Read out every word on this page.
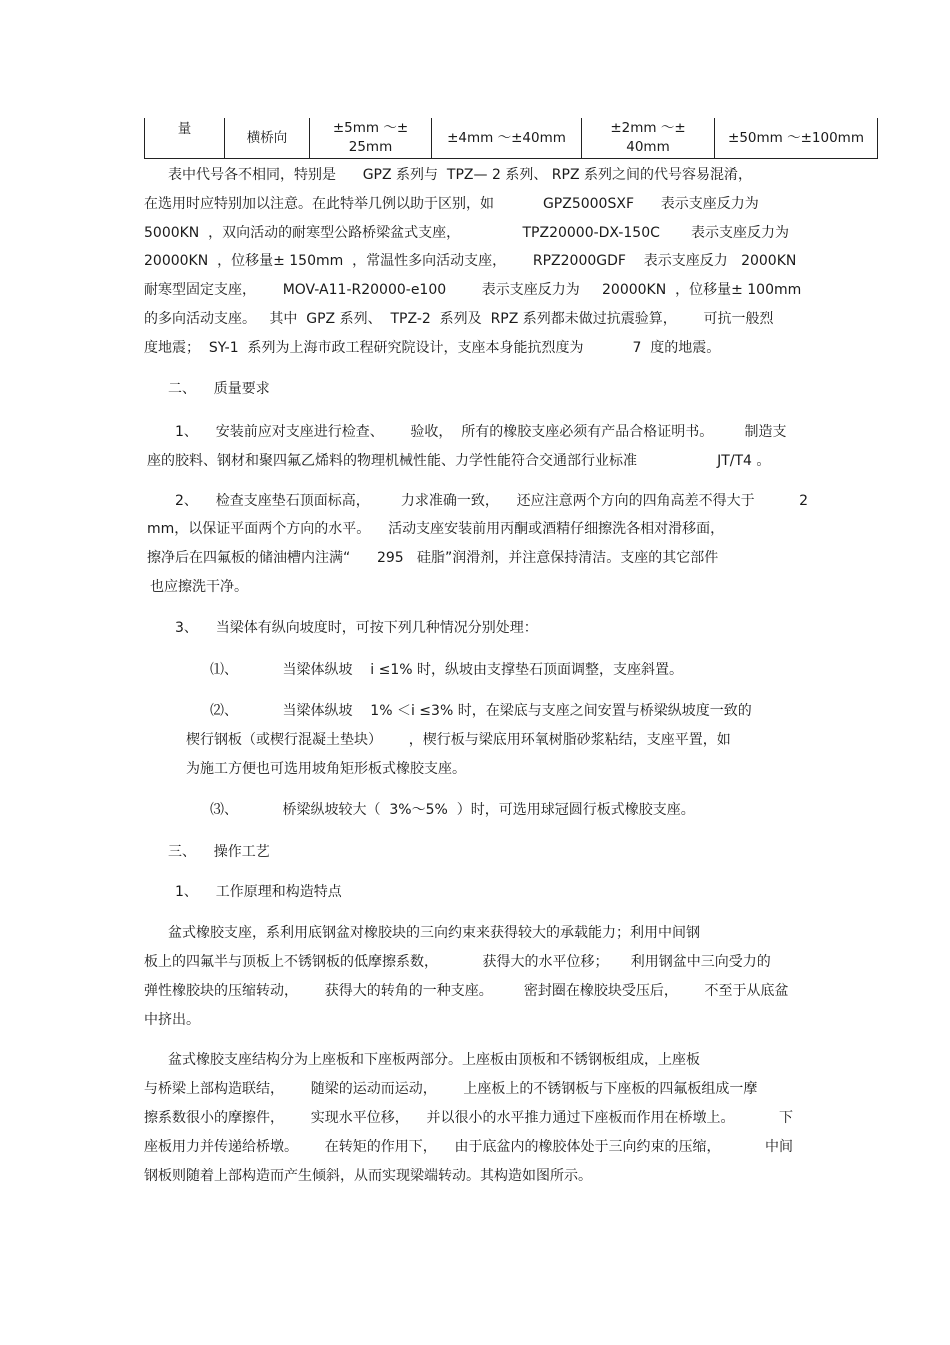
量
横桥向
±5mm ～±
25mm
±4mm ～±40mm
±2mm ～±
40mm
±50mm ～±100mm
表中代号各不相同，特别是      GPZ 系列与  TPZ— 2 系列、 RPZ 系列之间的代号容易混淆，
在选用时应特别加以注意。在此特举几例以助于区别，如           GPZ5000SXF      表示支座反力为
5000KN  ，双向活动的耐寒型公路桥梁盆式支座，              TPZ20000-DX-150C       表示支座反力为
20000KN  ，位移量± 150mm  ，常温性多向活动支座，      RPZ2000GDF    表示支座反力   2000KN
耐寒型固定支座，      MOV-A11-R20000-e100        表示支座反力为     20000KN  ，位移量± 100mm
的多向活动支座。   其中  GPZ 系列、  TPZ-2  系列及  RPZ 系列都未做过抗震验算，      可抗一般烈
度地震；  SY-1  系列为上海市政工程研究院设计，支座本身能抗烈度为           7  度的地震。
二、    质量要求
1、    安装前应对支座进行检查、      验收，  所有的橡胶支座必须有产品合格证明书。       制造支
座的胶料、钢材和聚四氟乙烯料的物理机械性能、力学性能符合交通部行业标准                  JT/T4 。
2、    检查支座垫石顶面标高，       力求准确一致，    还应注意两个方向的四角高差不得大于          2
mm，以保证平面两个方向的水平。    活动支座安装前用丙酮或酒精仔细擦洗各相对滑移面，
擦净后在四氟板的储油槽内注满“      295   硅脂”润滑剂，并注意保持清洁。支座的其它部件
也应擦洗干净。
3、    当梁体有纵向坡度时，可按下列几种情况分别处理：
⑴、          当梁体纵坡    i ≤1% 时，纵坡由支撑垫石顶面调整，支座斜置。
⑵、          当梁体纵坡    1% ＜i ≤3% 时，在梁底与支座之间安置与桥梁纵坡度一致的
楔行钢板（或楔行混凝土垫块）      ，楔行板与梁底用环氧树脂砂浆粘结，支座平置，如
为施工方便也可选用坡角矩形板式橡胶支座。
⑶、          桥梁纵坡较大（  3%～5%  ）时，可选用球冠圆行板式橡胶支座。
三、    操作工艺
1、    工作原理和构造特点
盆式橡胶支座，系利用底钢盆对橡胶块的三向约束来获得较大的承载能力；利用中间钢
板上的四氟半与顶板上不锈钢板的低摩擦系数，          获得大的水平位移；     利用钢盆中三向受力的
弹性橡胶块的压缩转动，      获得大的转角的一种支座。       密封圈在橡胶块受压后，      不至于从底盆
中挤出。
盆式橡胶支座结构分为上座板和下座板两部分。上座板由顶板和不锈钢板组成，上座板
与桥梁上部构造联结，      随梁的运动而运动，      上座板上的不锈钢板与下座板的四氟板组成一摩
擦系数很小的摩擦件，      实现水平位移，    并以很小的水平推力通过下座板而作用在桥墩上。          下
座板用力并传递给桥墩。      在转矩的作用下，    由于底盆内的橡胶体处于三向约束的压缩，          中间
钢板则随着上部构造而产生倾斜，从而实现梁端转动。其构造如图所示。
